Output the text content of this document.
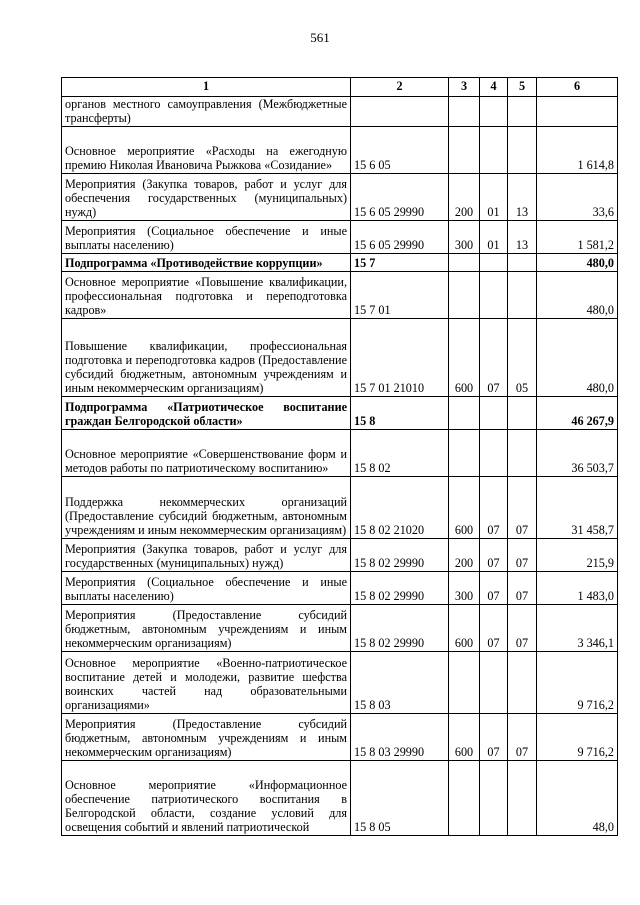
561
1	2	3	4	5	6
органов местного самоуправления (Межбюджетные трансферты)					
Основное мероприятие «Расходы на ежегодную премию Николая Ивановича Рыжкова «Созидание»	15 6 05				1 614,8
Мероприятия (Закупка товаров, работ и услуг для обеспечения государственных (муниципальных) нужд)	15 6 05 29990	200	01	13	33,6
Мероприятия (Социальное обеспечение и иные выплаты населению)	15 6 05 29990	300	01	13	1 581,2
Подпрограмма «Противодействие коррупции»	15 7				480,0
Основное мероприятие «Повышение квалификации, профессиональная подготовка и переподготовка кадров»	15 7 01				480,0
Повышение квалификации, профессиональная подготовка и переподготовка кадров (Предоставление субсидий бюджетным, автономным учреждениям и иным некоммерческим организациям)	15 7 01 21010	600	07	05	480,0
Подпрограмма «Патриотическое воспитание граждан Белгородской области»	15 8				46 267,9
Основное мероприятие «Совершенствование форм и методов работы по патриотическому воспитанию»	15 8 02				36 503,7
Поддержка некоммерческих организаций (Предоставление субсидий бюджетным, автономным учреждениям и иным некоммерческим организациям)	15 8 02 21020	600	07	07	31 458,7
Мероприятия (Закупка товаров, работ и услуг для государственных (муниципальных) нужд)	15 8 02 29990	200	07	07	215,9
Мероприятия (Социальное обеспечение и иные выплаты населению)	15 8 02 29990	300	07	07	1 483,0
Мероприятия (Предоставление субсидий бюджетным, автономным учреждениям и иным некоммерческим организациям)	15 8 02 29990	600	07	07	3 346,1
Основное мероприятие «Военно-патриотическое воспитание детей и молодежи, развитие шефства воинских частей над образовательными организациями»	15 8 03				9 716,2
Мероприятия (Предоставление субсидий бюджетным, автономным учреждениям и иным некоммерческим организациям)	15 8 03 29990	600	07	07	9 716,2
Основное мероприятие «Информационное обеспечение патриотического воспитания в Белгородской области, создание условий для освещения событий и явлений патриотической	15 8 05				48,0
